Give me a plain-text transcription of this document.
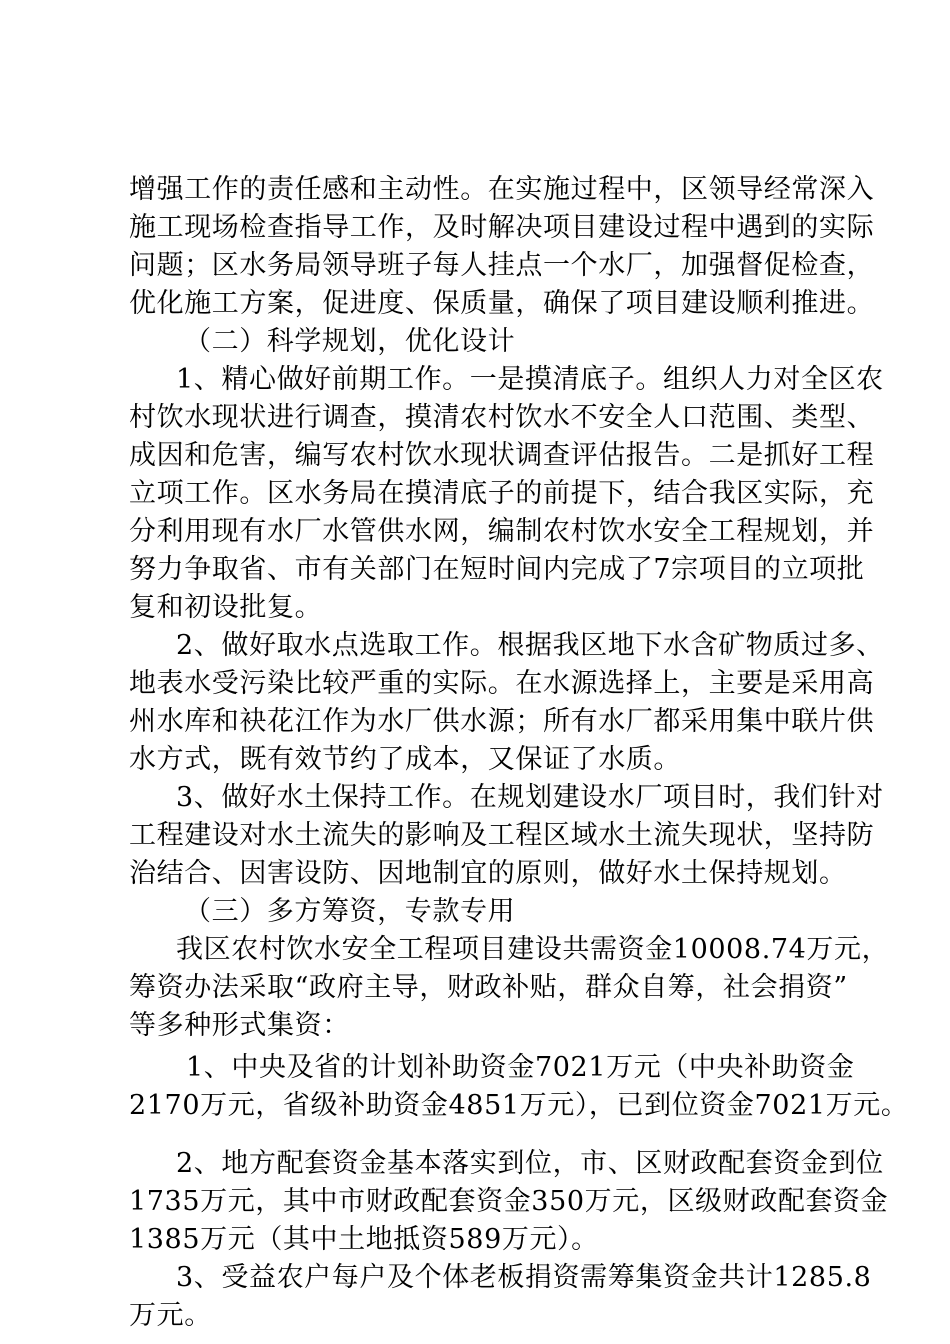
增强工作的责任感和主动性。在实施过程中，区领导经常深入
施工现场检查指导工作，及时解决项目建设过程中遇到的实际
问题；区水务局领导班子每人挂点一个水厂，加强督促检查，
优化施工方案，促进度、保质量，确保了项目建设顺利推进。
（二）科学规划，优化设计
1、精心做好前期工作。一是摸清底子。组织人力对全区农
村饮水现状进行调查，摸清农村饮水不安全人口范围、类型、
成因和危害，编写农村饮水现状调查评估报告。二是抓好工程
立项工作。区水务局在摸清底子的前提下，结合我区实际，充
分利用现有水厂水管供水网，编制农村饮水安全工程规划，并
努力争取省、市有关部门在短时间内完成了7宗项目的立项批
复和初设批复。
2、做好取水点选取工作。根据我区地下水含矿物质过多、
地表水受污染比较严重的实际。在水源选择上，主要是采用高
州水库和袂花江作为水厂供水源；所有水厂都采用集中联片供
水方式，既有效节约了成本，又保证了水质。
3、做好水土保持工作。在规划建设水厂项目时，我们针对
工程建设对水土流失的影响及工程区域水土流失现状，坚持防
治结合、因害设防、因地制宜的原则，做好水土保持规划。
（三）多方筹资，专款专用
我区农村饮水安全工程项目建设共需资金10008.74万元，
筹资办法采取“政府主导，财政补贴，群众自筹，社会捐资”
等多种形式集资：
1、中央及省的计划补助资金7021万元（中央补助资金
2170万元，省级补助资金4851万元），已到位资金7021万元。
2、地方配套资金基本落实到位，市、区财政配套资金到位
1735万元，其中市财政配套资金350万元，区级财政配套资金
1385万元（其中土地抵资589万元）。
3、受益农户每户及个体老板捐资需筹集资金共计1285.8
万元。
